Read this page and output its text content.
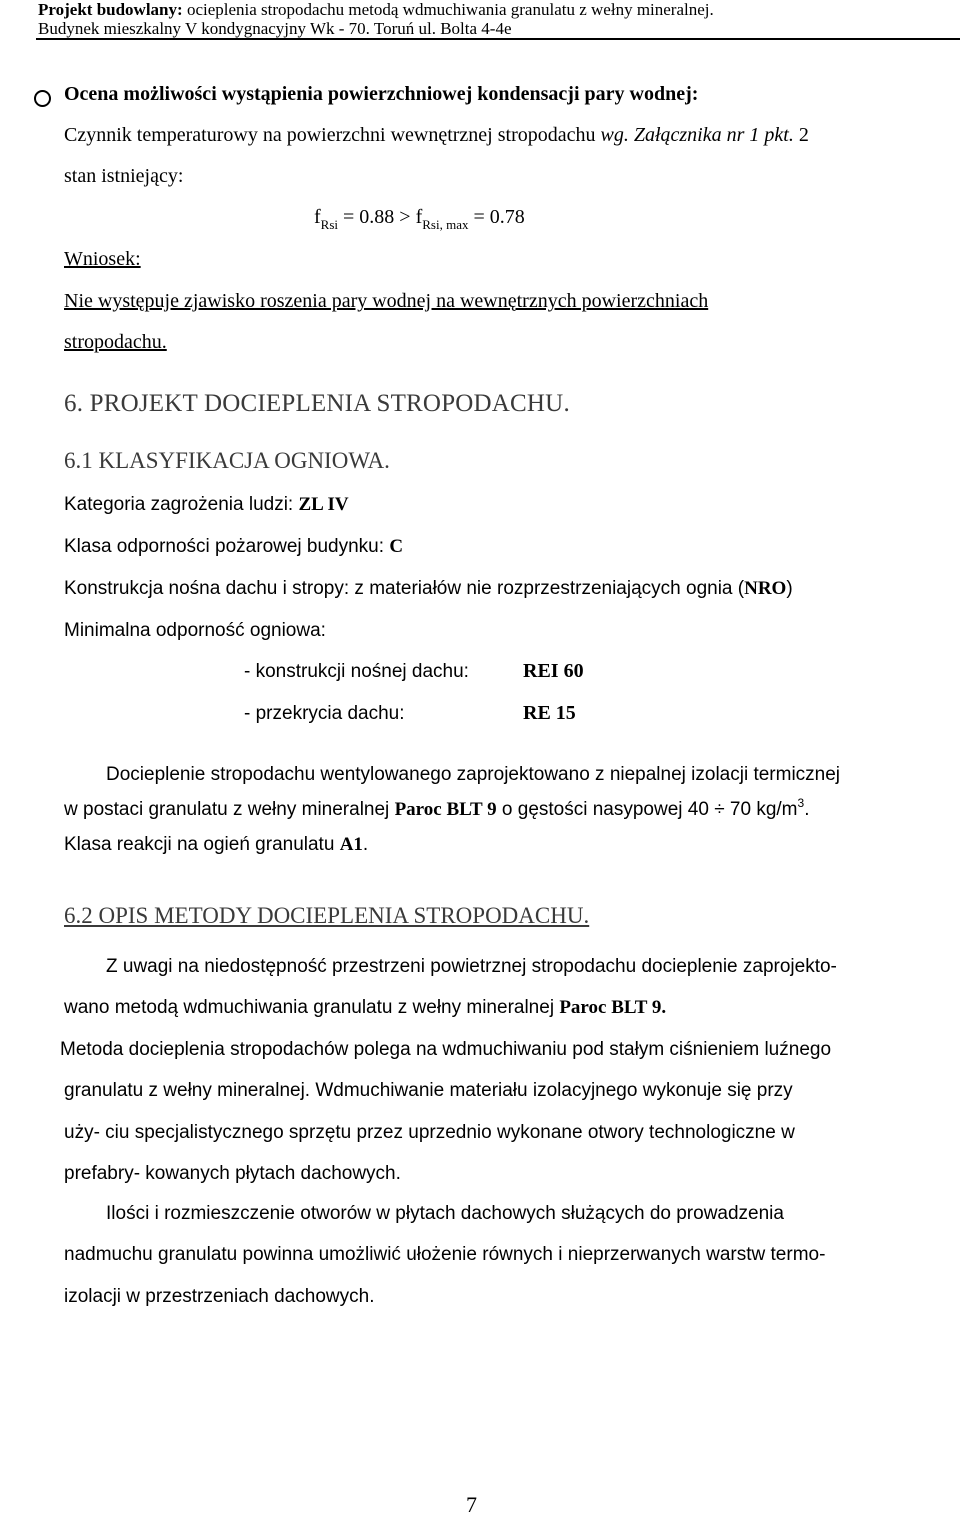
Projekt budowlany: ocieplenia stropodachu metodą wdmuchiwania granulatu z wełny mineralnej.
Budynek mieszkalny V kondygnacyjny Wk - 70. Toruń ul. Bolta 4-4e
Ocena możliwości wystąpienia powierzchniowej kondensacji pary wodnej:
Czynnik temperaturowy na powierzchni wewnętrznej stropodachu wg. Załącznika nr 1 pkt. 2
stan istniejący:
$f_{Rsi} = 0.88 > f_{Rsi, max} = 0.78$
Wniosek:
Nie występuje zjawisko roszenia pary wodnej na wewnętrznych powierzchniach
stropodachu.
6. PROJEKT DOCIEPLENIA STROPODACHU.
6.1 KLASYFIKACJA OGNIOWA.
Kategoria zagrożenia ludzi: ZL IV
Klasa odporności pożarowej budynku: C
Konstrukcja nośna dachu i stropy: z materiałów nie rozprzestrzeniających ognia (NRO)
Minimalna odporność ogniowa:
- konstrukcji nośnej dachu:	REI 60
- przekrycia dachu:	RE 15
Docieplenie stropodachu wentylowanego zaprojektowano z niepalnej izolacji termicznej
w postaci granulatu z wełny mineralnej Paroc BLT 9 o gęstości nasypowej 40 ÷ 70 $kg/m^3$.
Klasa reakcji na ogień granulatu A1.
6.2 OPIS METODY DOCIEPLENIA STROPODACHU.
Z uwagi na niedostępność przestrzeni powietrznej stropodachu docieplenie zaprojekto-
wano metodą wdmuchiwania granulatu z wełny mineralnej Paroc BLT 9.
Metoda docieplenia stropodachów polega na wdmuchiwaniu pod stałym ciśnieniem luźnego
granulatu z wełny mineralnej. Wdmuchiwanie materiału izolacyjnego wykonuje się przy
uży- ciu specjalistycznego sprzętu przez uprzednio wykonane otwory technologiczne w
prefabry- kowanych płytach dachowych.
Ilości i rozmieszczenie otworów w płytach dachowych służących do prowadzenia
nadmuchu granulatu powinna umożliwić ułożenie równych i nieprzerwanych warstw termo-
izolacji w przestrzeniach dachowych.
7
